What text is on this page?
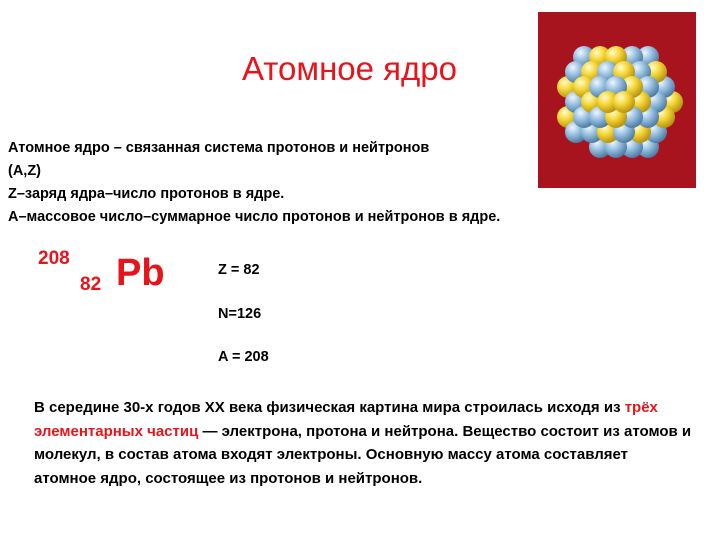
Атомное ядро
Атомное ядро – связанная система протонов и нейтронов
(A,Z)
Z–заряд ядра–число протонов в ядре.
A–массовое число–суммарное число протонов и нейтронов в ядре.
208
82 Pb	Z = 82
N=126
A = 208
В середине 30-х годов XX века физическая картина мира строилась исходя из трёх элементарных частиц — электрона, протона и нейтрона. Вещество состоит из атомов и молекул, в состав атома входят электроны. Основную массу атома составляет атомное ядро, состоящее из протонов и нейтронов.
